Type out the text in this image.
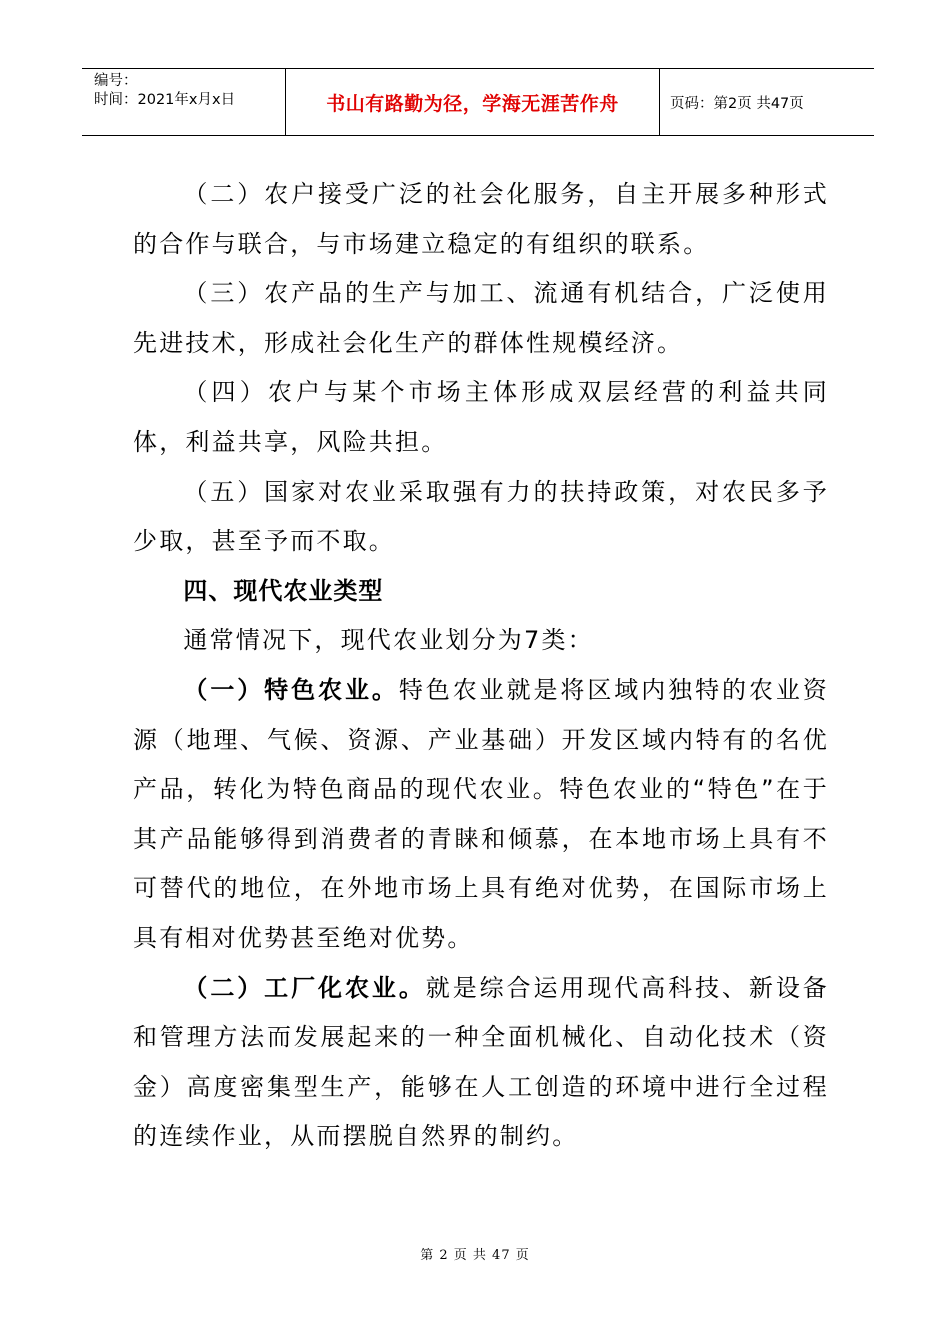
编号：
时间：2021年x月x日	书山有路勤为径，学海无涯苦作舟	页码：第2页 共47页

（二）农户接受广泛的社会化服务，自主开展多种形式的合作与联合，与市场建立稳定的有组织的联系。

（三）农产品的生产与加工、流通有机结合，广泛使用先进技术，形成社会化生产的群体性规模经济。

（四）农户与某个市场主体形成双层经营的利益共同体，利益共享，风险共担。

（五）国家对农业采取强有力的扶持政策，对农民多予少取，甚至予而不取。

四、现代农业类型

通常情况下，现代农业划分为7类：

（一）特色农业。特色农业就是将区域内独特的农业资源（地理、气候、资源、产业基础）开发区域内特有的名优产品，转化为特色商品的现代农业。特色农业的“特色”在于其产品能够得到消费者的青睐和倾慕，在本地市场上具有不可替代的地位，在外地市场上具有绝对优势，在国际市场上具有相对优势甚至绝对优势。

（二）工厂化农业。就是综合运用现代高科技、新设备和管理方法而发展起来的一种全面机械化、自动化技术（资金）高度密集型生产，能够在人工创造的环境中进行全过程的连续作业，从而摆脱自然界的制约。

第 2 页 共 47 页
